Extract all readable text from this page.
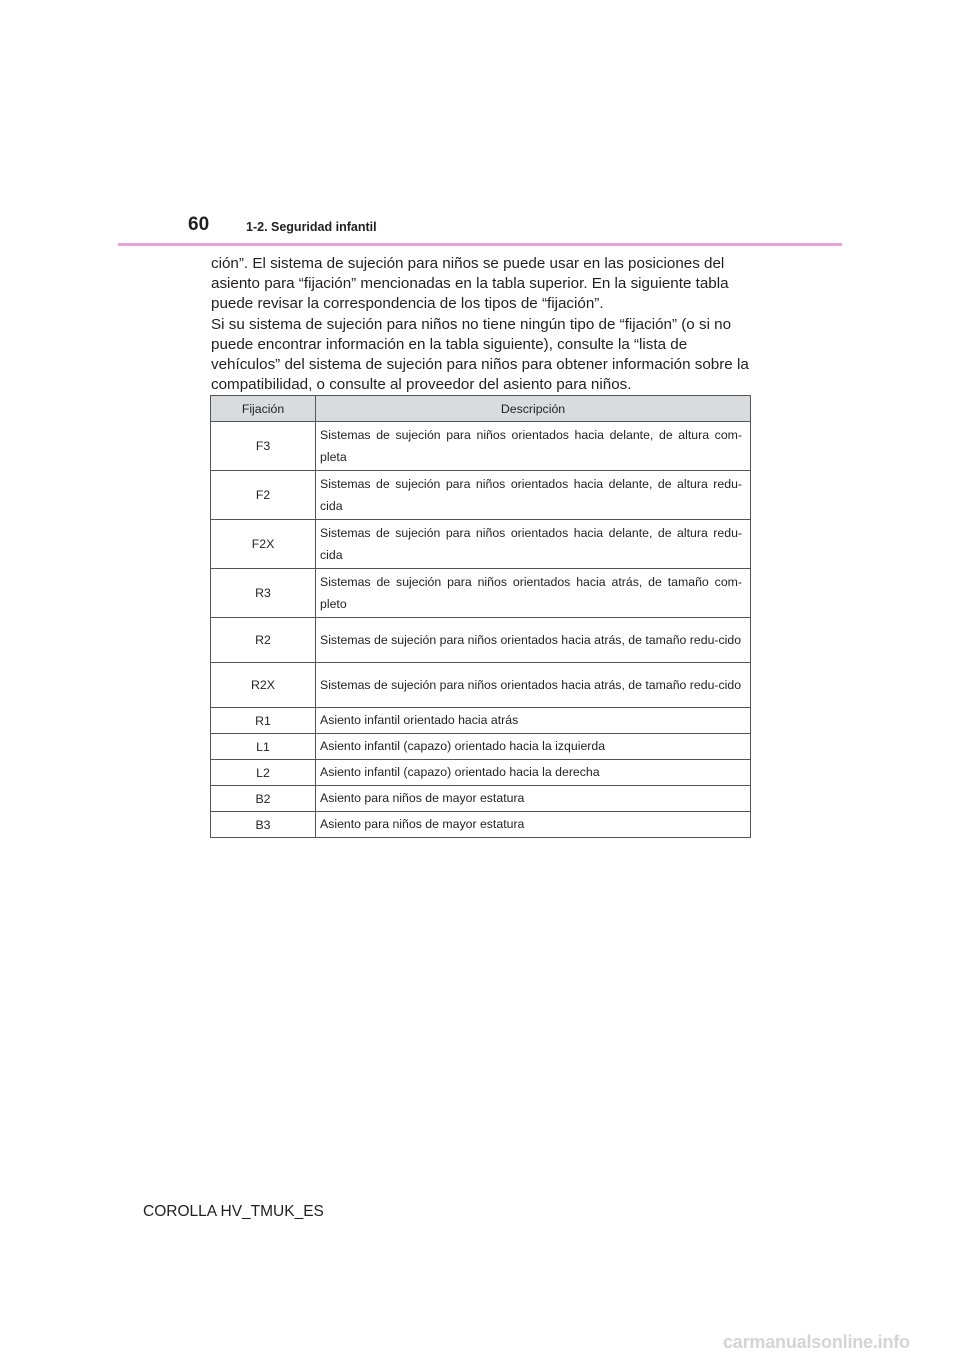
60	1-2. Seguridad infantil

ción”. El sistema de sujeción para niños se puede usar en las posiciones del asiento para “fijación” mencionadas en la tabla superior. En la siguiente tabla puede revisar la correspondencia de los tipos de “fijación”.

Si su sistema de sujeción para niños no tiene ningún tipo de “fijación” (o si no puede encontrar información en la tabla siguiente), consulte la “lista de vehículos” del sistema de sujeción para niños para obtener información sobre la compatibilidad, o consulte al proveedor del asiento para niños.

Fijación	Descripción
F3	Sistemas de sujeción para niños orientados hacia delante, de altura com-pleta
F2	Sistemas de sujeción para niños orientados hacia delante, de altura redu-cida
F2X	Sistemas de sujeción para niños orientados hacia delante, de altura redu-cida
R3	Sistemas de sujeción para niños orientados hacia atrás, de tamaño com-pleto
R2	Sistemas de sujeción para niños orientados hacia atrás, de tamaño redu-cido
R2X	Sistemas de sujeción para niños orientados hacia atrás, de tamaño redu-cido
R1	Asiento infantil orientado hacia atrás
L1	Asiento infantil (capazo) orientado hacia la izquierda
L2	Asiento infantil (capazo) orientado hacia la derecha
B2	Asiento para niños de mayor estatura
B3	Asiento para niños de mayor estatura
COROLLA HV_TMUK_ES
carmanualsonline.info
